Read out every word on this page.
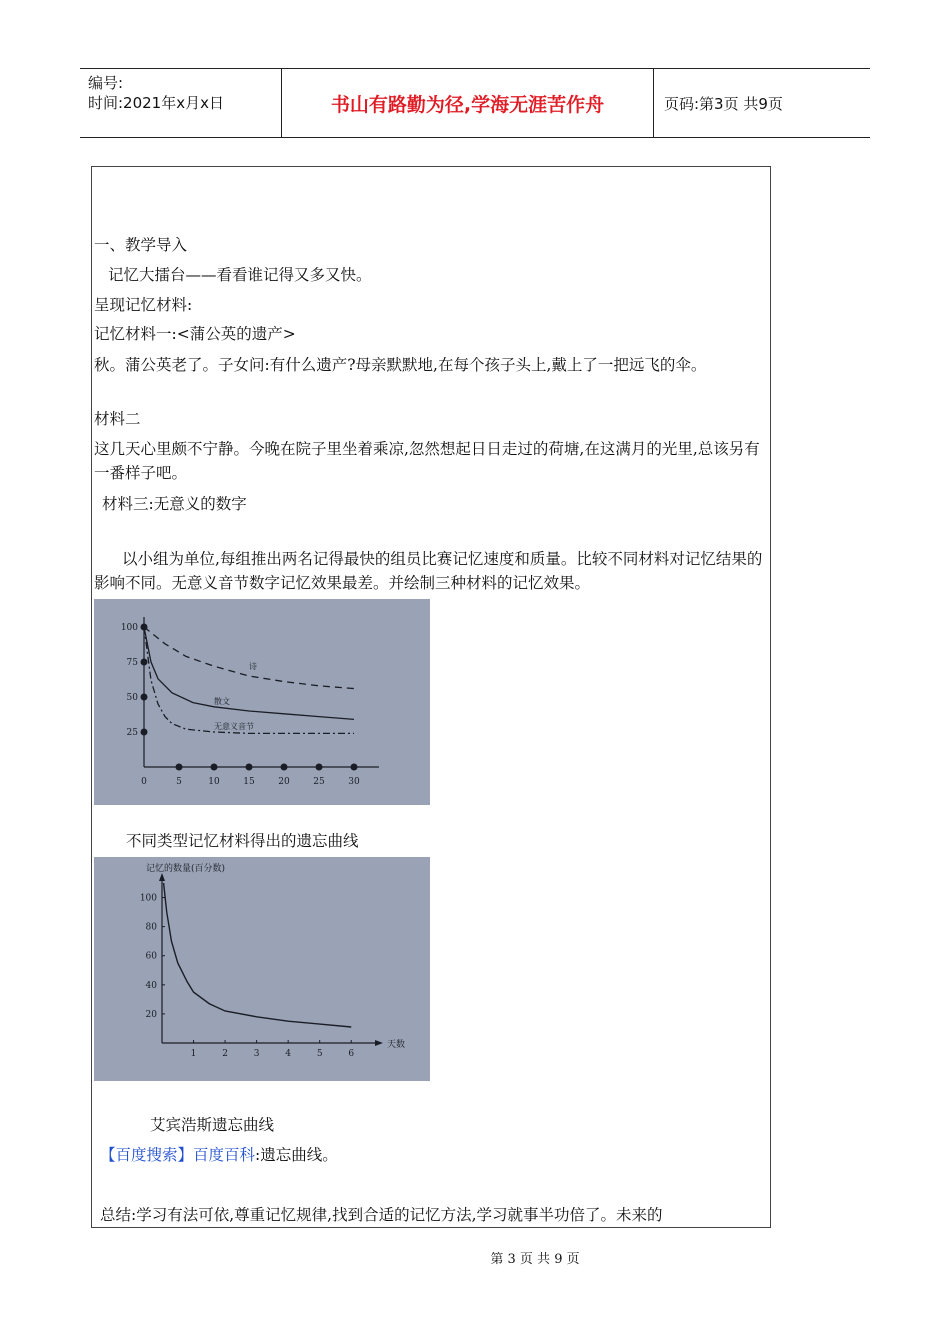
编号:
时间:2021年x月x日	书山有路勤为径,学海无涯苦作舟	页码:第3页 共9页
一、教学导入
记忆大擂台——看看谁记得又多又快。
呈现记忆材料:
记忆材料一:<蒲公英的遗产>
秋。蒲公英老了。子女问:有什么遗产?母亲默默地,在每个孩子头上,戴上了一把远飞的伞。
材料二
这几天心里颇不宁静。今晚在院子里坐着乘凉,忽然想起日日走过的荷塘,在这满月的光里,总该另有一番样子吧。
材料三:无意义的数字
以小组为单位,每组推出两名记得最快的组员比赛记忆速度和质量。比较不同材料对记忆结果的影响不同。无意义音节数字记忆效果最差。并绘制三种材料的记忆效果。
0	5	10	15	20	25	30
25
50
75
100
诗
散文
无意义音节
不同类型记忆材料得出的遗忘曲线
1	2	3	4	5	6
20
40
60
80
100
记忆的数量(百分数)
天数
艾宾浩斯遗忘曲线
【百度搜索】百度百科:遗忘曲线。
总结:学习有法可依,尊重记忆规律,找到合适的记忆方法,学习就事半功倍了。未来的
第 3 页 共 9 页
